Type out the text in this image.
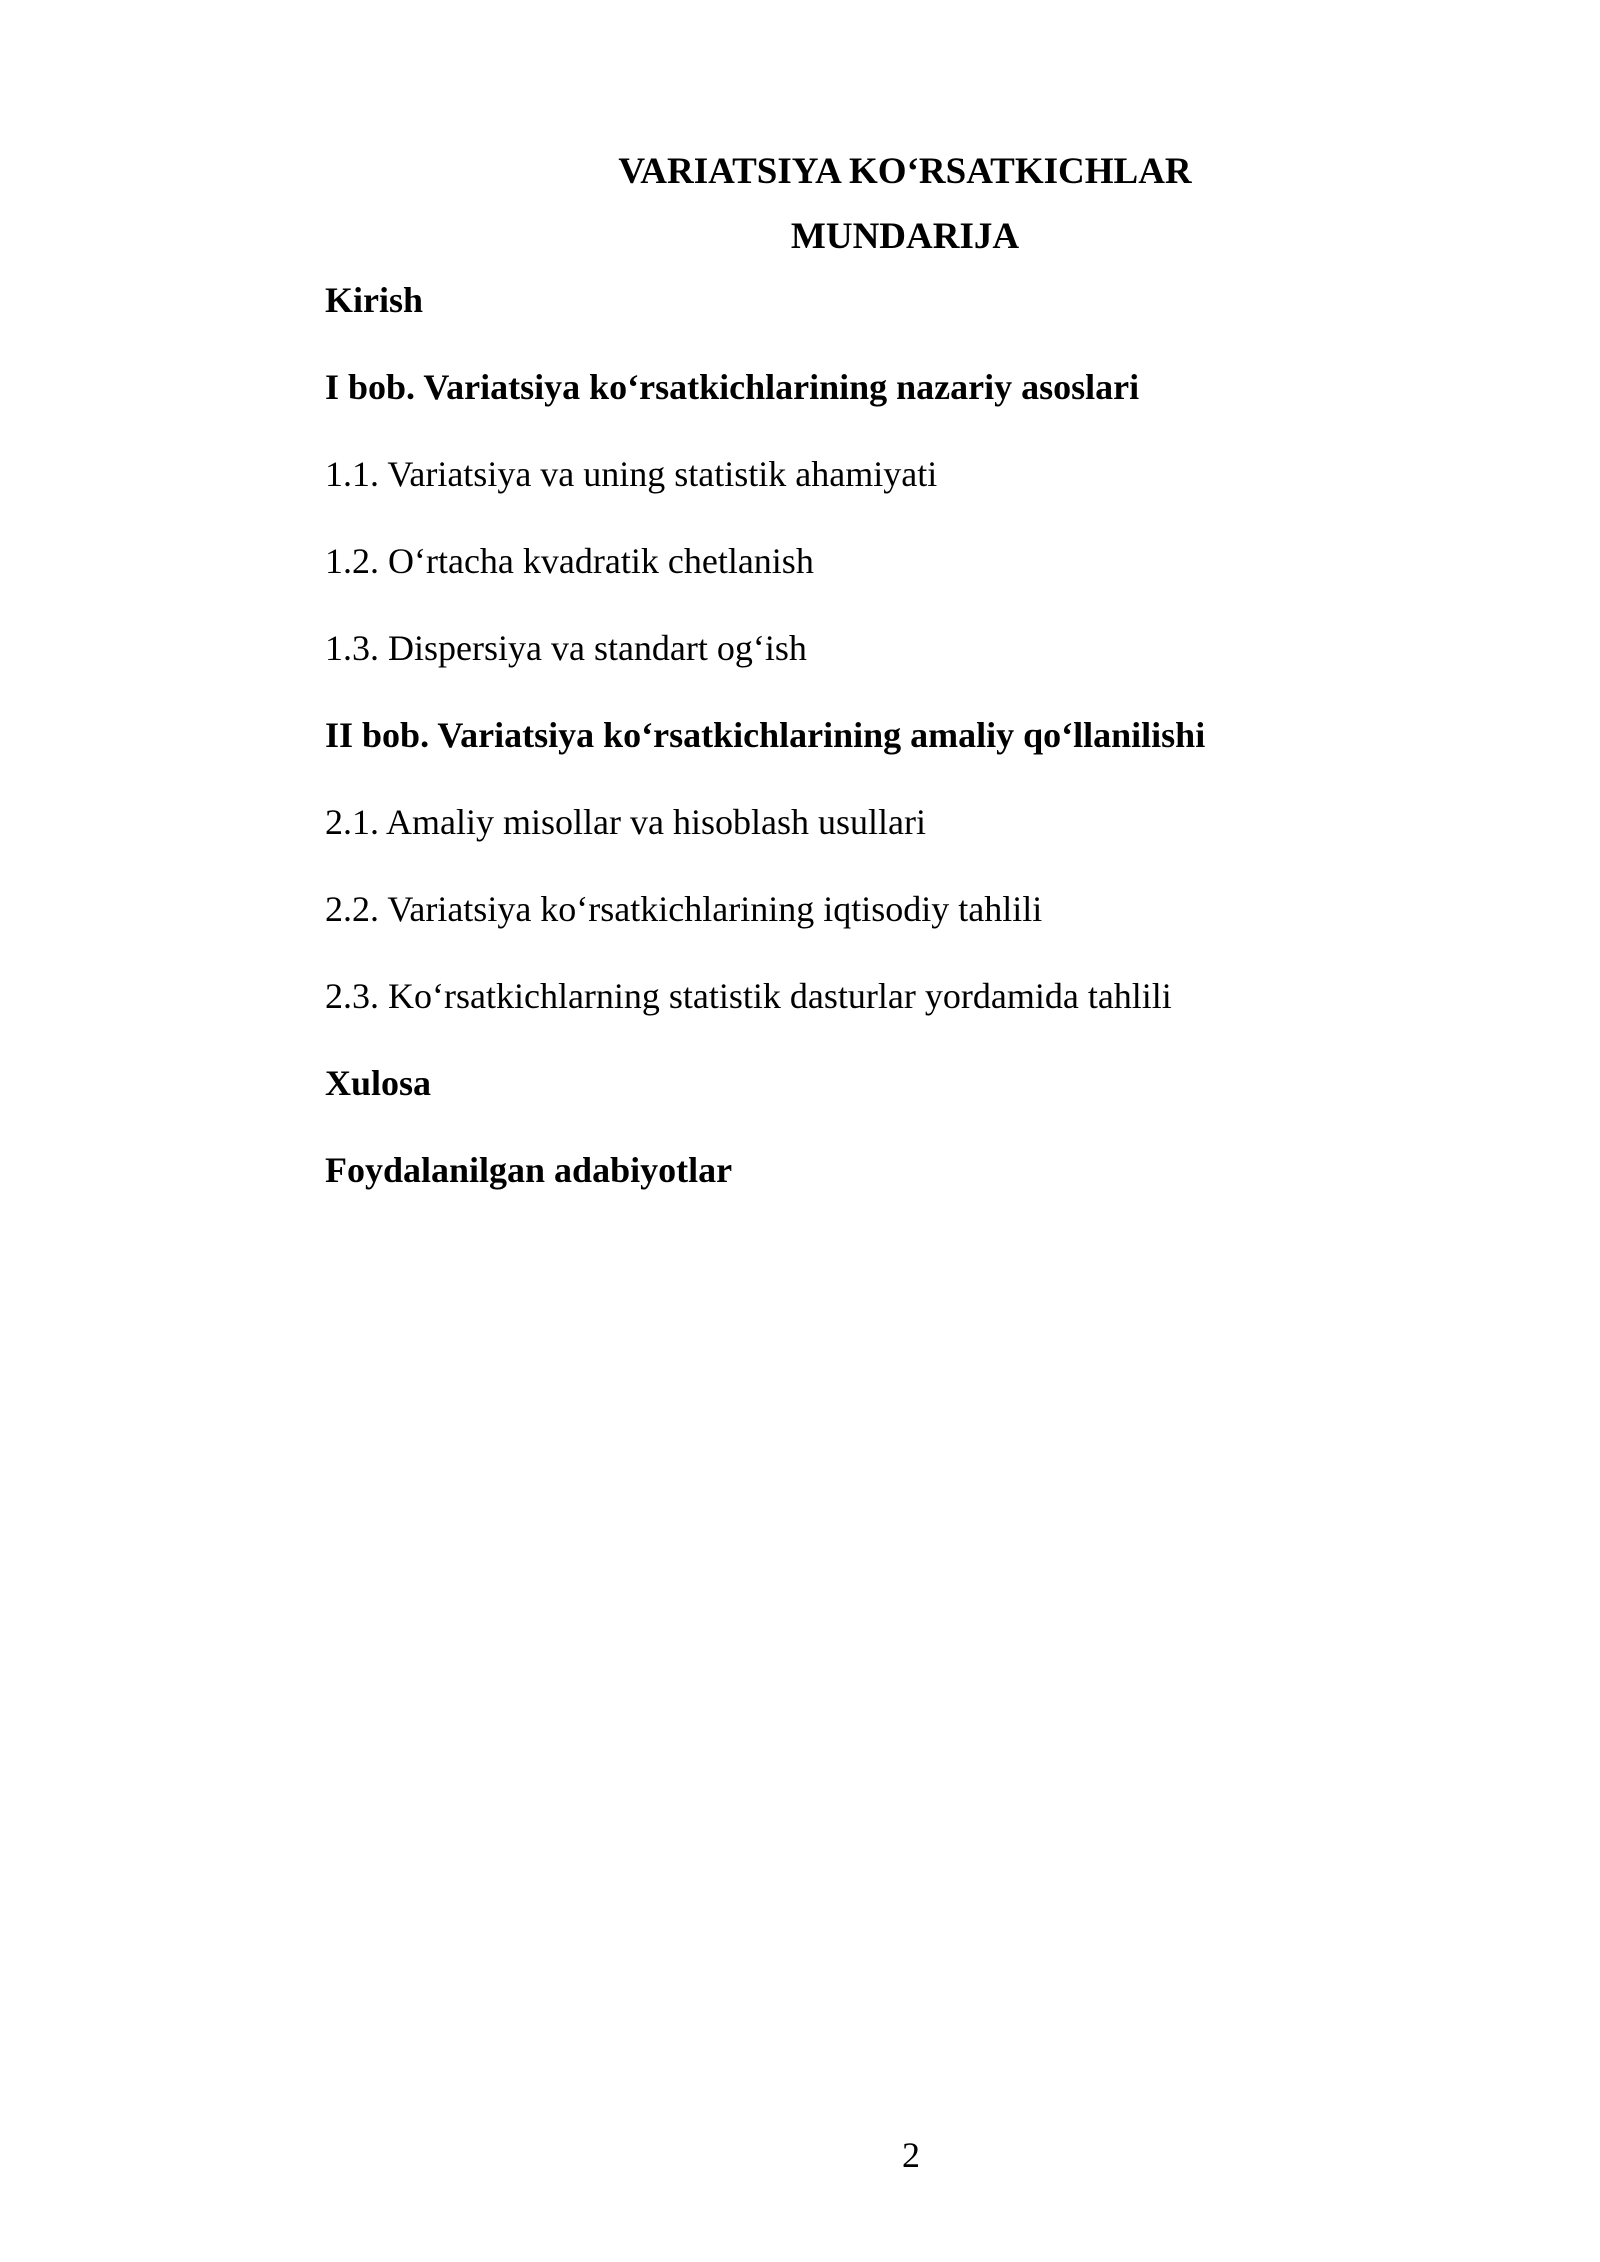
VARIATSIYA KO‘RSATKICHLAR
MUNDARIJA
Kirish
I bob. Variatsiya ko‘rsatkichlarining nazariy asoslari
1.1. Variatsiya va uning statistik ahamiyati
1.2. O‘rtacha kvadratik chetlanish
1.3. Dispersiya va standart og‘ish
II bob. Variatsiya ko‘rsatkichlarining amaliy qo‘llanilishi
2.1. Amaliy misollar va hisoblash usullari
2.2. Variatsiya ko‘rsatkichlarining iqtisodiy tahlili
2.3. Ko‘rsatkichlarning statistik dasturlar yordamida tahlili
Xulosa
Foydalanilgan adabiyotlar
2
